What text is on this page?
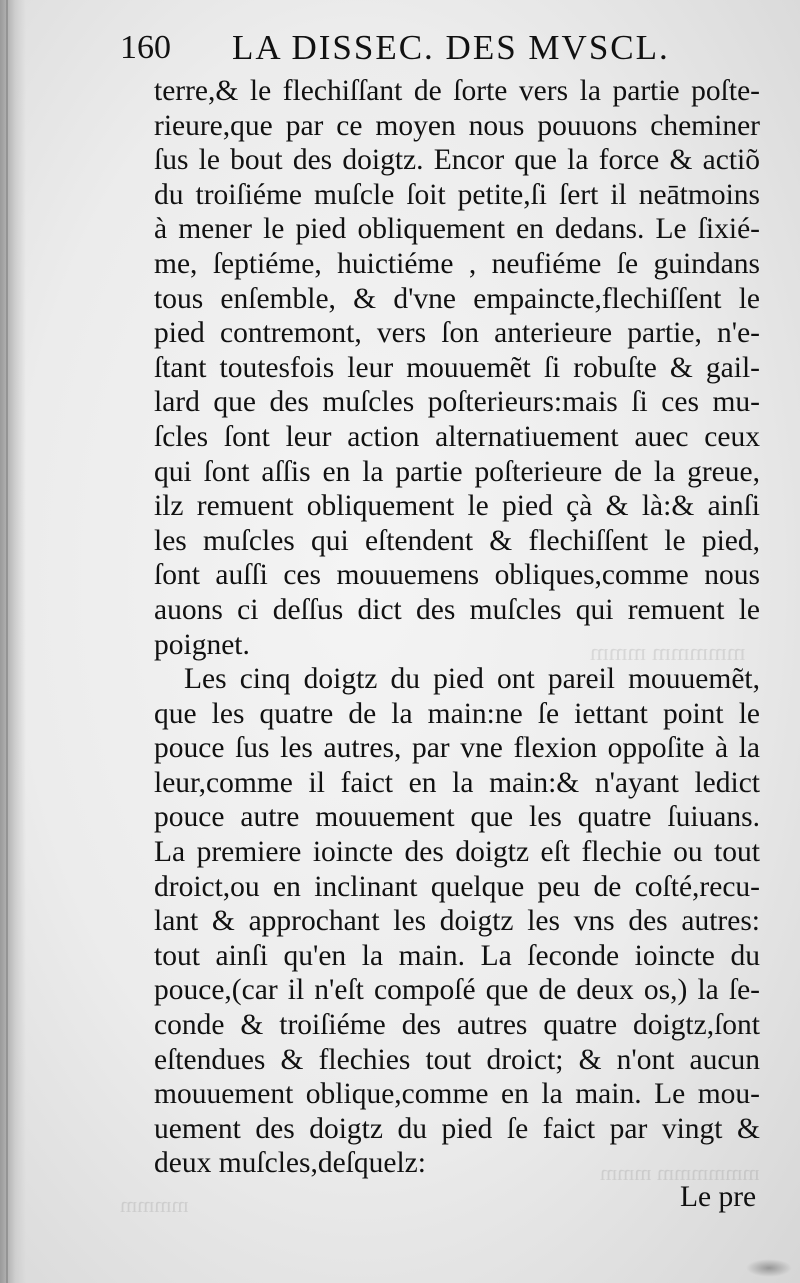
mmmmm mmm
mmmmmm mmm
mmmm
160 LA DISSEC. DES MVSCL.
terre,& le flechiſſant de ſorte vers la partie poſte-
rieure,que par ce moyen nous pouuons cheminer
ſus le bout des doigtz. Encor que la force & actiõ
du troiſiéme muſcle ſoit petite,ſi ſert il neātmoins
à mener le pied obliquement en dedans. Le ſixié-
me, ſeptiéme, huictiéme , neufiéme ſe guindans
tous enſemble, & d'vne empaincte,flechiſſent le
pied contremont, vers ſon anterieure partie, n'e-
ſtant toutesfois leur mouuemẽt ſi robuſte & gail-
lard que des muſcles poſterieurs:mais ſi ces mu-
ſcles ſont leur action alternatiuement auec ceux
qui ſont aſſis en la partie poſterieure de la greue,
ilz remuent obliquement le pied çà & là:& ainſi
les muſcles qui eſtendent & flechiſſent le pied,
ſont auſſi ces mouuemens obliques,comme nous
auons ci deſſus dict des muſcles qui remuent le
poignet.
Les cinq doigtz du pied ont pareil mouuemẽt,
que les quatre de la main:ne ſe iettant point le
pouce ſus les autres, par vne flexion oppoſite à la
leur,comme il faict en la main:& n'ayant ledict
pouce autre mouuement que les quatre ſuiuans.
La premiere ioincte des doigtz eſt flechie ou tout
droict,ou en inclinant quelque peu de coſté,recu-
lant & approchant les doigtz les vns des autres:
tout ainſi qu'en la main. La ſeconde ioincte du
pouce,(car il n'eſt compoſé que de deux os,) la ſe-
conde & troiſiéme des autres quatre doigtz,ſont
eſtendues & flechies tout droict; & n'ont aucun
mouuement oblique,comme en la main. Le mou-
uement des doigtz du pied ſe faict par vingt &
deux muſcles,deſquelz:
Le pre
